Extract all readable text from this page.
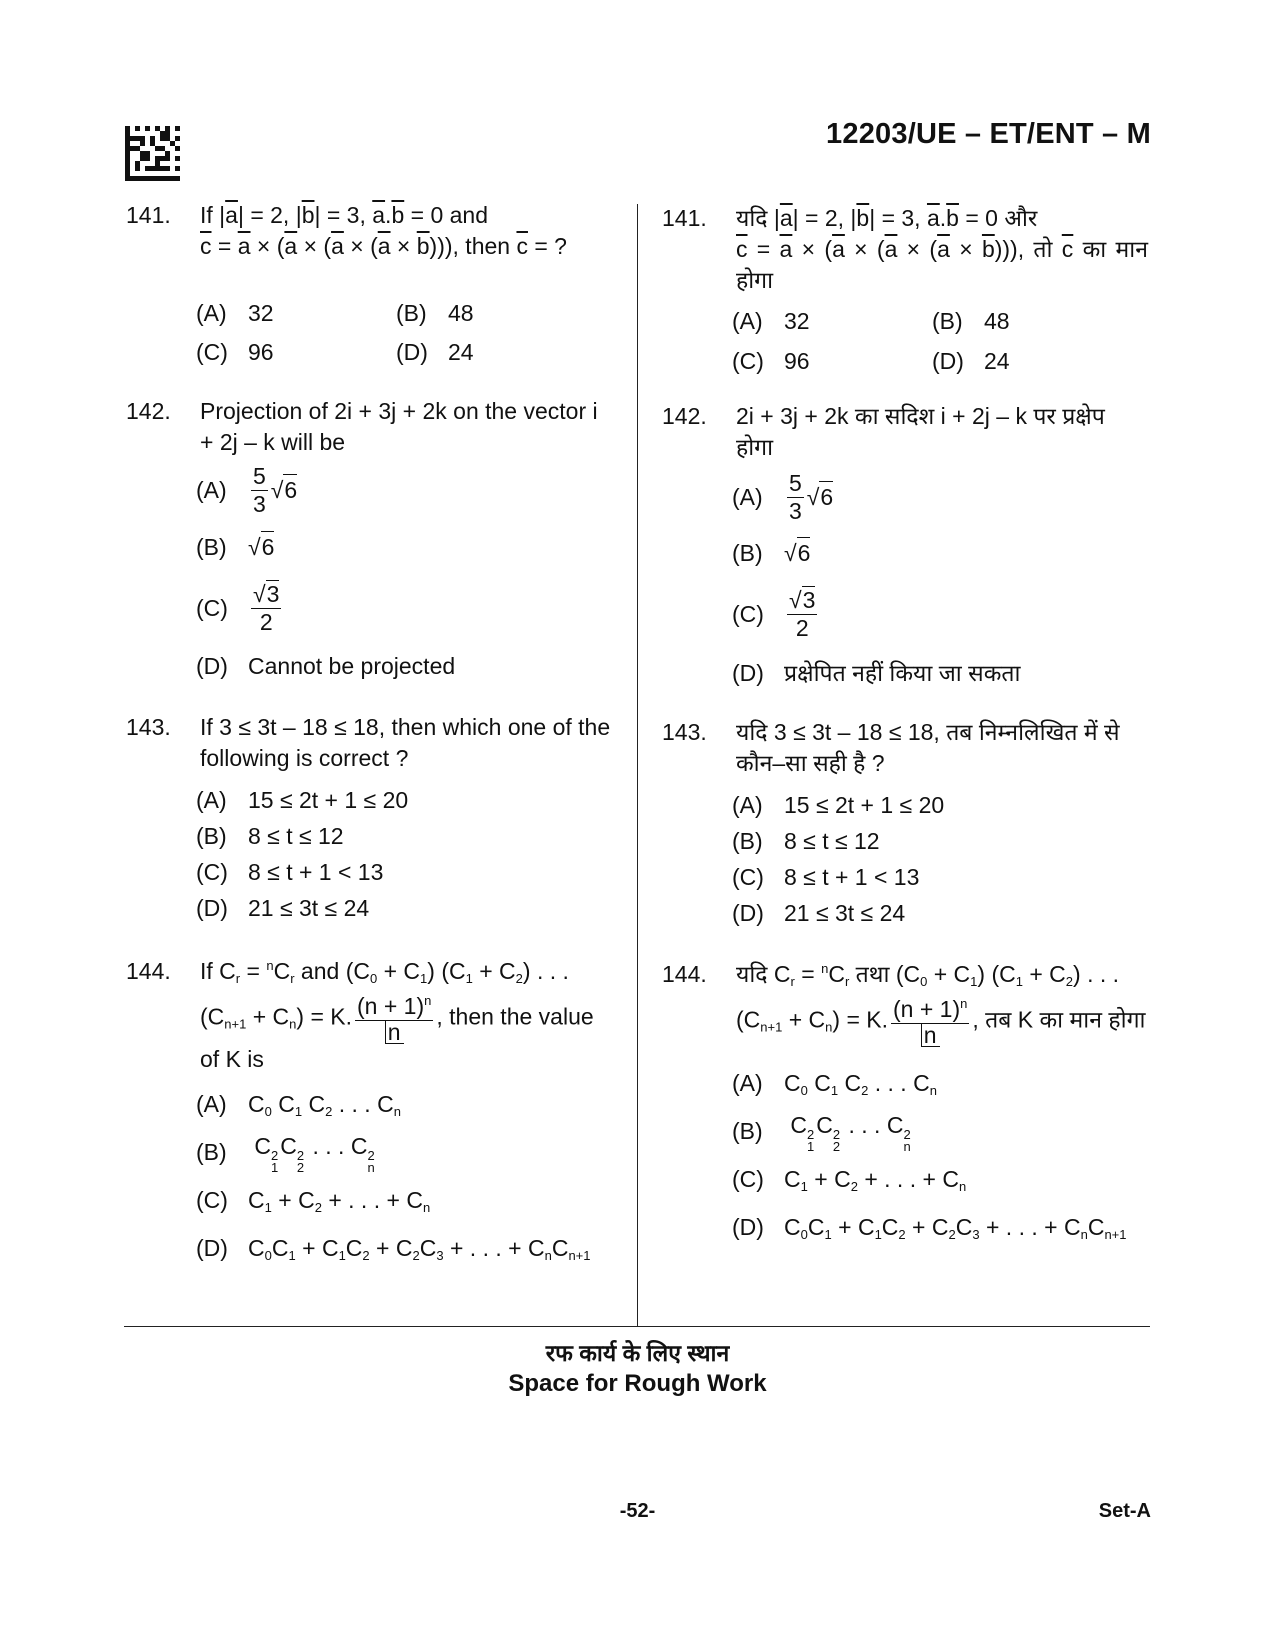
12203/UE – ET/ENT – M
141. If $|\overline{a}| = 2$, $|\overline{b}| = 3$, $\overline{a}.\overline{b} = 0$ and
$\overline{c} = \overline{a} \times (\overline{a} \times (\overline{a} \times (\overline{a} \times \overline{b})))$, then $\overline{c}$ = ?
(A) 32	(B) 48
(C) 96	(D) 24
142. Projection of 2i + 3j + 2k on the vector i + 2j – k will be
(A)	$\frac{5}{3}$ √ 6
(B) √ 6
(C)	$\frac{√3}{2}$
(D) Cannot be projected
143. If 3 ≤ 3t – 18 ≤ 18, then which one of the following is correct ?
(A) 15 ≤ 2t + 1 ≤ 20
(B) 8 ≤ t ≤ 12
(C) 8 ≤ t + 1 < 13
(D) 21 ≤ 3t ≤ 24
144. If $C_r = ^nC_r$ and $(C_0 + C_1) (C_1 + C_2)$ . . .
$(C_{n+1} + C_n) = K$. $\frac{(n + 1)^n}{n}$ , then the value of K is
(A) $C_0$ $C_1$ $C_2$ . . . $C_n$
(B)	C 2
1
C 2
2
. . . C 2
n
(C) $C_1 + C_2$ + . . . + $C_n$
(D) $C_0C_1 + C_1C_2 + C_2C_3$ + . . . + $C_nC_{n+1}$
141. यदि $|\overline{a}| = 2$, $|\overline{b}| = 3$, $\overline{a}.\overline{b} = 0$ और
$\overline{c} = \overline{a} \times (\overline{a} \times (\overline{a} \times (\overline{a} \times \overline{b})))$, तो $\overline{c}$ का मान होगा
(A) 32	(B) 48
(C) 96	(D) 24
142. 2i + 3j + 2k का सदिश i + 2j – k पर प्रक्षेप होगा
(A)	$\frac{5}{3}$ √ 6
(B) √ 6
(C)	$\frac{√3}{2}$
(D) प्रक्षेपित नहीं किया जा सकता
143. यदि 3 ≤ 3t – 18 ≤ 18, तब निम्नलिखित में से कौन–सा सही है ?
(A) 15 ≤ 2t + 1 ≤ 20
(B) 8 ≤ t ≤ 12
(C) 8 ≤ t + 1 < 13
(D) 21 ≤ 3t ≤ 24
144. यदि $C_r = ^nC_r$ तथा $(C_0 + C_1) (C_1 + C_2)$ . . .
$(C_{n+1} + C_n) = K$. $\frac{(n + 1)^n}{n}$ , तब K का मान होगा
(A) $C_0$ $C_1$ $C_2$ . . . $C_n$
(B)	C 2
1
C 2
2
. . . C 2
n
(C) $C_1 + C_2$ + . . . + $C_n$
(D) $C_0C_1 + C_1C_2 + C_2C_3$ + . . . + $C_nC_{n+1}$
रफ कार्य के लिए स्थान
Space for Rough Work
-52-	Set-A
